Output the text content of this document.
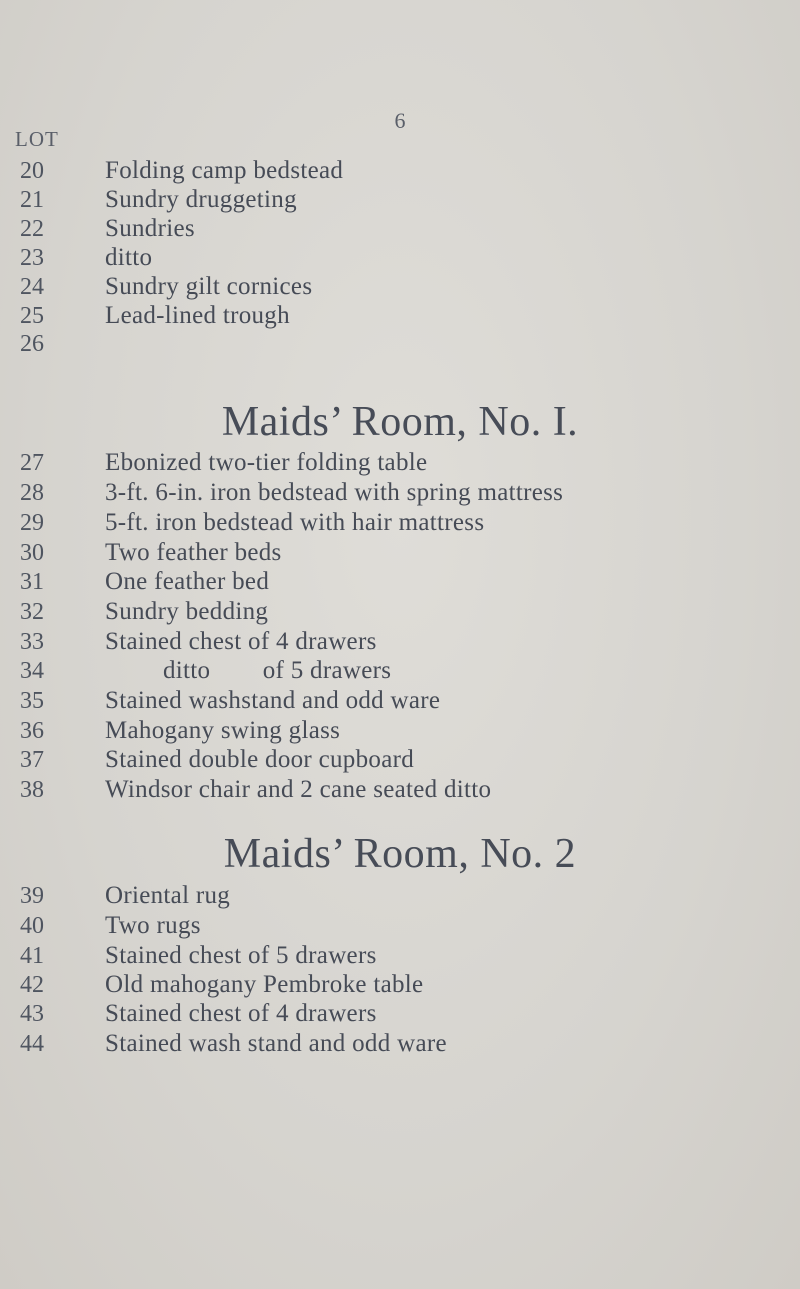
6
LOT
20	Folding camp bedstead
21	Sundry druggeting
22	Sundries
23	ditto
24	Sundry gilt cornices
25	Lead-lined trough
26
Maids’ Room, No. I.
27	Ebonized two-tier folding table
28	3-ft. 6-in. iron bedstead with spring mattress
29	5-ft. iron bedstead with hair mattress
30	Two feather beds
31	One feather bed
32	Sundry bedding
33	Stained chest of 4 drawers
34	ditto        of 5 drawers
35	Stained washstand and odd ware
36	Mahogany swing glass
37	Stained double door cupboard
38	Windsor chair and 2 cane seated ditto
Maids’ Room, No. 2
39	Oriental rug
40	Two rugs
41	Stained chest of 5 drawers
42	Old mahogany Pembroke table
43	Stained chest of 4 drawers
44	Stained wash stand and odd ware
